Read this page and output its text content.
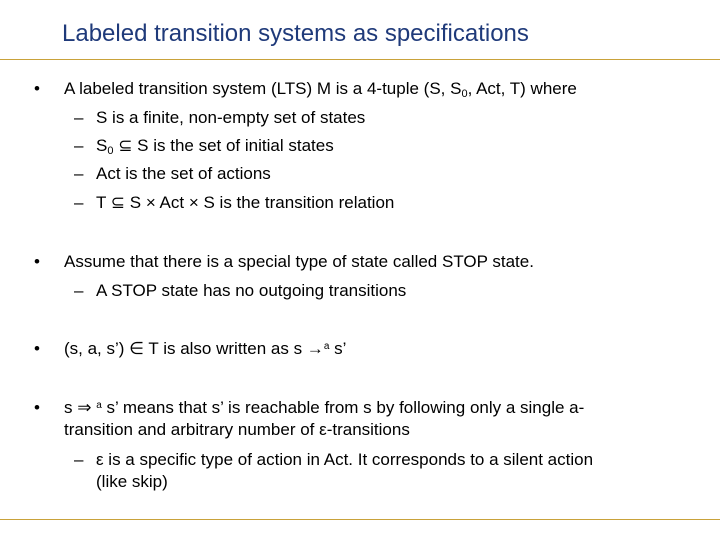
Labeled transition systems as specifications
• A labeled transition system (LTS) M is a 4-tuple (S, $S_0$, Act, T) where
– S is a finite, non-empty set of states
– $S_0$ ⊆ S is the set of initial states
– Act is the set of actions
– T ⊆ S × Act × S is the transition relation
• Assume that there is a special type of state called STOP state.
– A STOP state has no outgoing transitions
• (s, a, s’) ∈ T is also written as s →$^a$ s’
• s ⇒ $^a$ s’ means that s’ is reachable from s by following only a single a-
transition and arbitrary number of ε-transitions
– ε is a specific type of action in Act. It corresponds to a silent action
(like skip)
